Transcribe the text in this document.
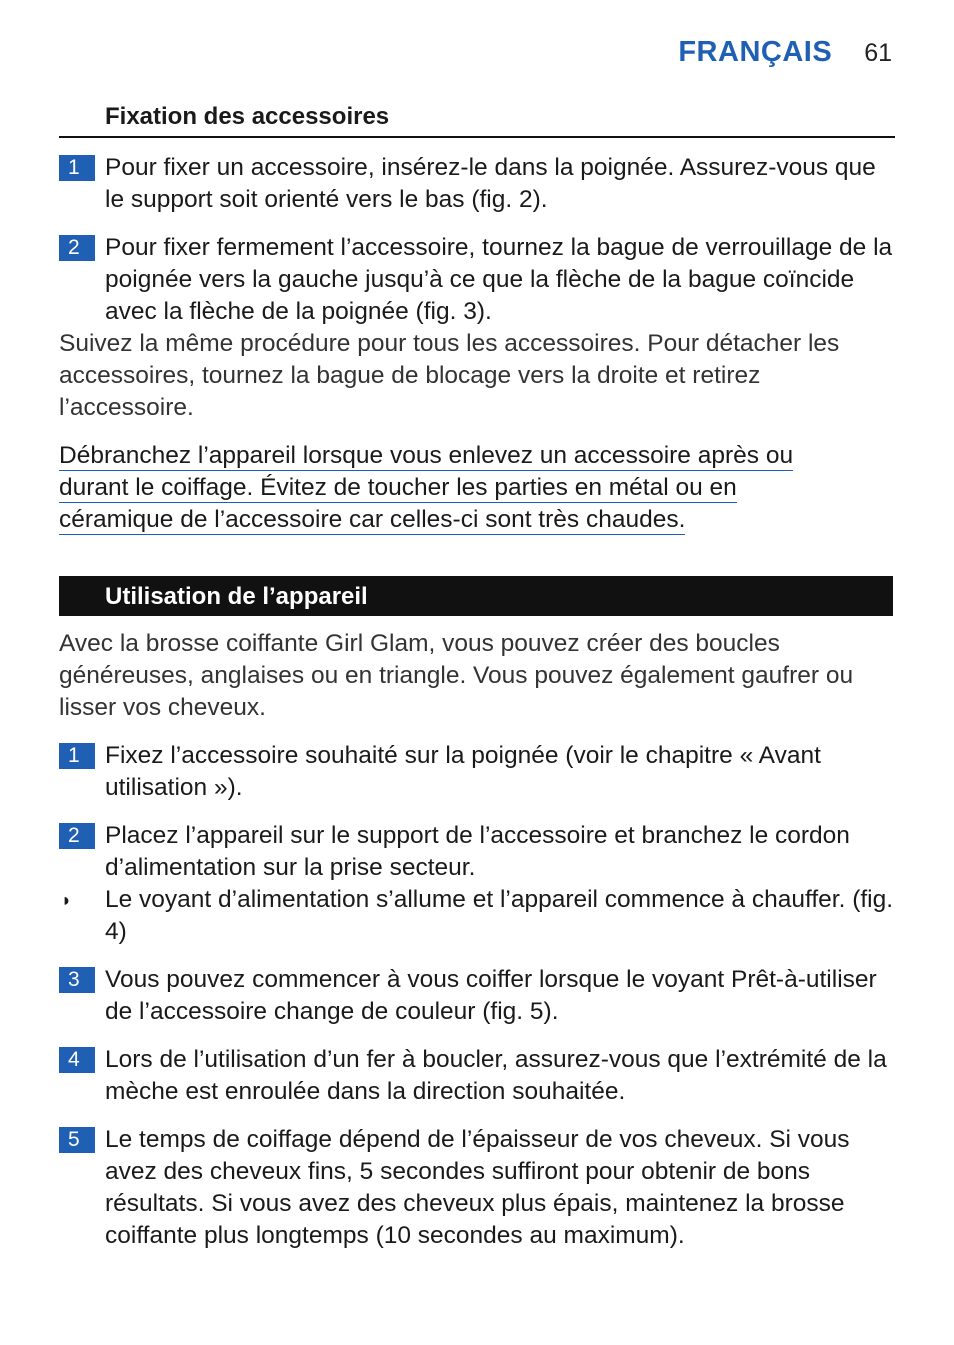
FRANÇAIS 61
Fixation des accessoires
1	Pour fixer un accessoire, insérez-le dans la poignée. Assurez-vous que le support soit orienté vers le bas (fig. 2).
2	Pour fixer fermement l’accessoire, tournez la bague de verrouillage de la poignée vers la gauche jusqu’à ce que la flèche de la bague coïncide avec la flèche de la poignée (fig. 3).
Suivez la même procédure pour tous les accessoires. Pour détacher les accessoires, tournez la bague de blocage vers la droite et retirez l’accessoire.
Débranchez l’appareil lorsque vous enlevez un accessoire après ou
durant le coiffage. Évitez de toucher les parties en métal ou en
céramique de l’accessoire car celles-ci sont très chaudes.
Utilisation de l’appareil
Avec la brosse coiffante Girl Glam, vous pouvez créer des boucles généreuses, anglaises ou en triangle. Vous pouvez également gaufrer ou lisser vos cheveux.
1	Fixez l’accessoire souhaité sur la poignée (voir le chapitre « Avant utilisation »).
2	Placez l’appareil sur le support de l’accessoire et branchez le cordon d’alimentation sur la prise secteur.
◗ Le voyant d’alimentation s’allume et l’appareil commence à chauffer. (fig. 4)
3	Vous pouvez commencer à vous coiffer lorsque le voyant Prêt-à-utiliser de l’accessoire change de couleur (fig. 5).
4	Lors de l’utilisation d’un fer à boucler, assurez-vous que l’extrémité de la mèche est enroulée dans la direction souhaitée.
5	Le temps de coiffage dépend de l’épaisseur de vos cheveux. Si vous avez des cheveux fins, 5 secondes suffiront pour obtenir de bons résultats. Si vous avez des cheveux plus épais, maintenez la brosse coiffante plus longtemps (10 secondes au maximum).
